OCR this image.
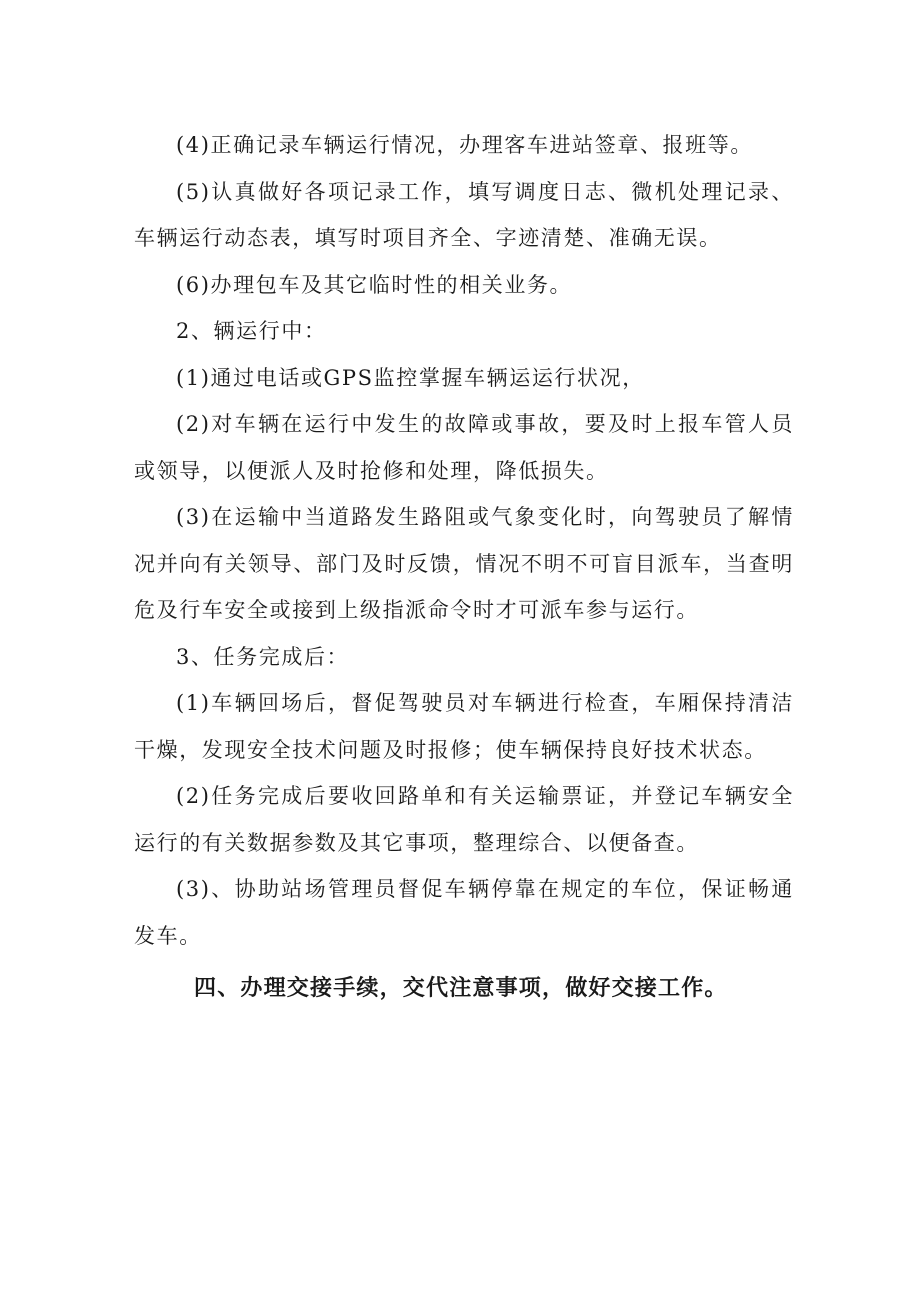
(4)正确记录车辆运行情况，办理客车进站签章、报班等。

(5)认真做好各项记录工作，填写调度日志、微机处理记录、车辆运行动态表，填写时项目齐全、字迹清楚、准确无误。

(6)办理包车及其它临时性的相关业务。

2、辆运行中：

(1)通过电话或GPS监控掌握车辆运运行状况，

(2)对车辆在运行中发生的故障或事故，要及时上报车管人员或领导，以便派人及时抢修和处理，降低损失。

(3)在运输中当道路发生路阻或气象变化时，向驾驶员了解情况并向有关领导、部门及时反馈，情况不明不可盲目派车，当查明危及行车安全或接到上级指派命令时才可派车参与运行。

3、任务完成后：

(1)车辆回场后，督促驾驶员对车辆进行检查，车厢保持清洁干燥，发现安全技术问题及时报修；使车辆保持良好技术状态。

(2)任务完成后要收回路单和有关运输票证，并登记车辆安全运行的有关数据参数及其它事项，整理综合、以便备查。

(3)、协助站场管理员督促车辆停靠在规定的车位，保证畅通发车。

四、办理交接手续，交代注意事项，做好交接工作。
